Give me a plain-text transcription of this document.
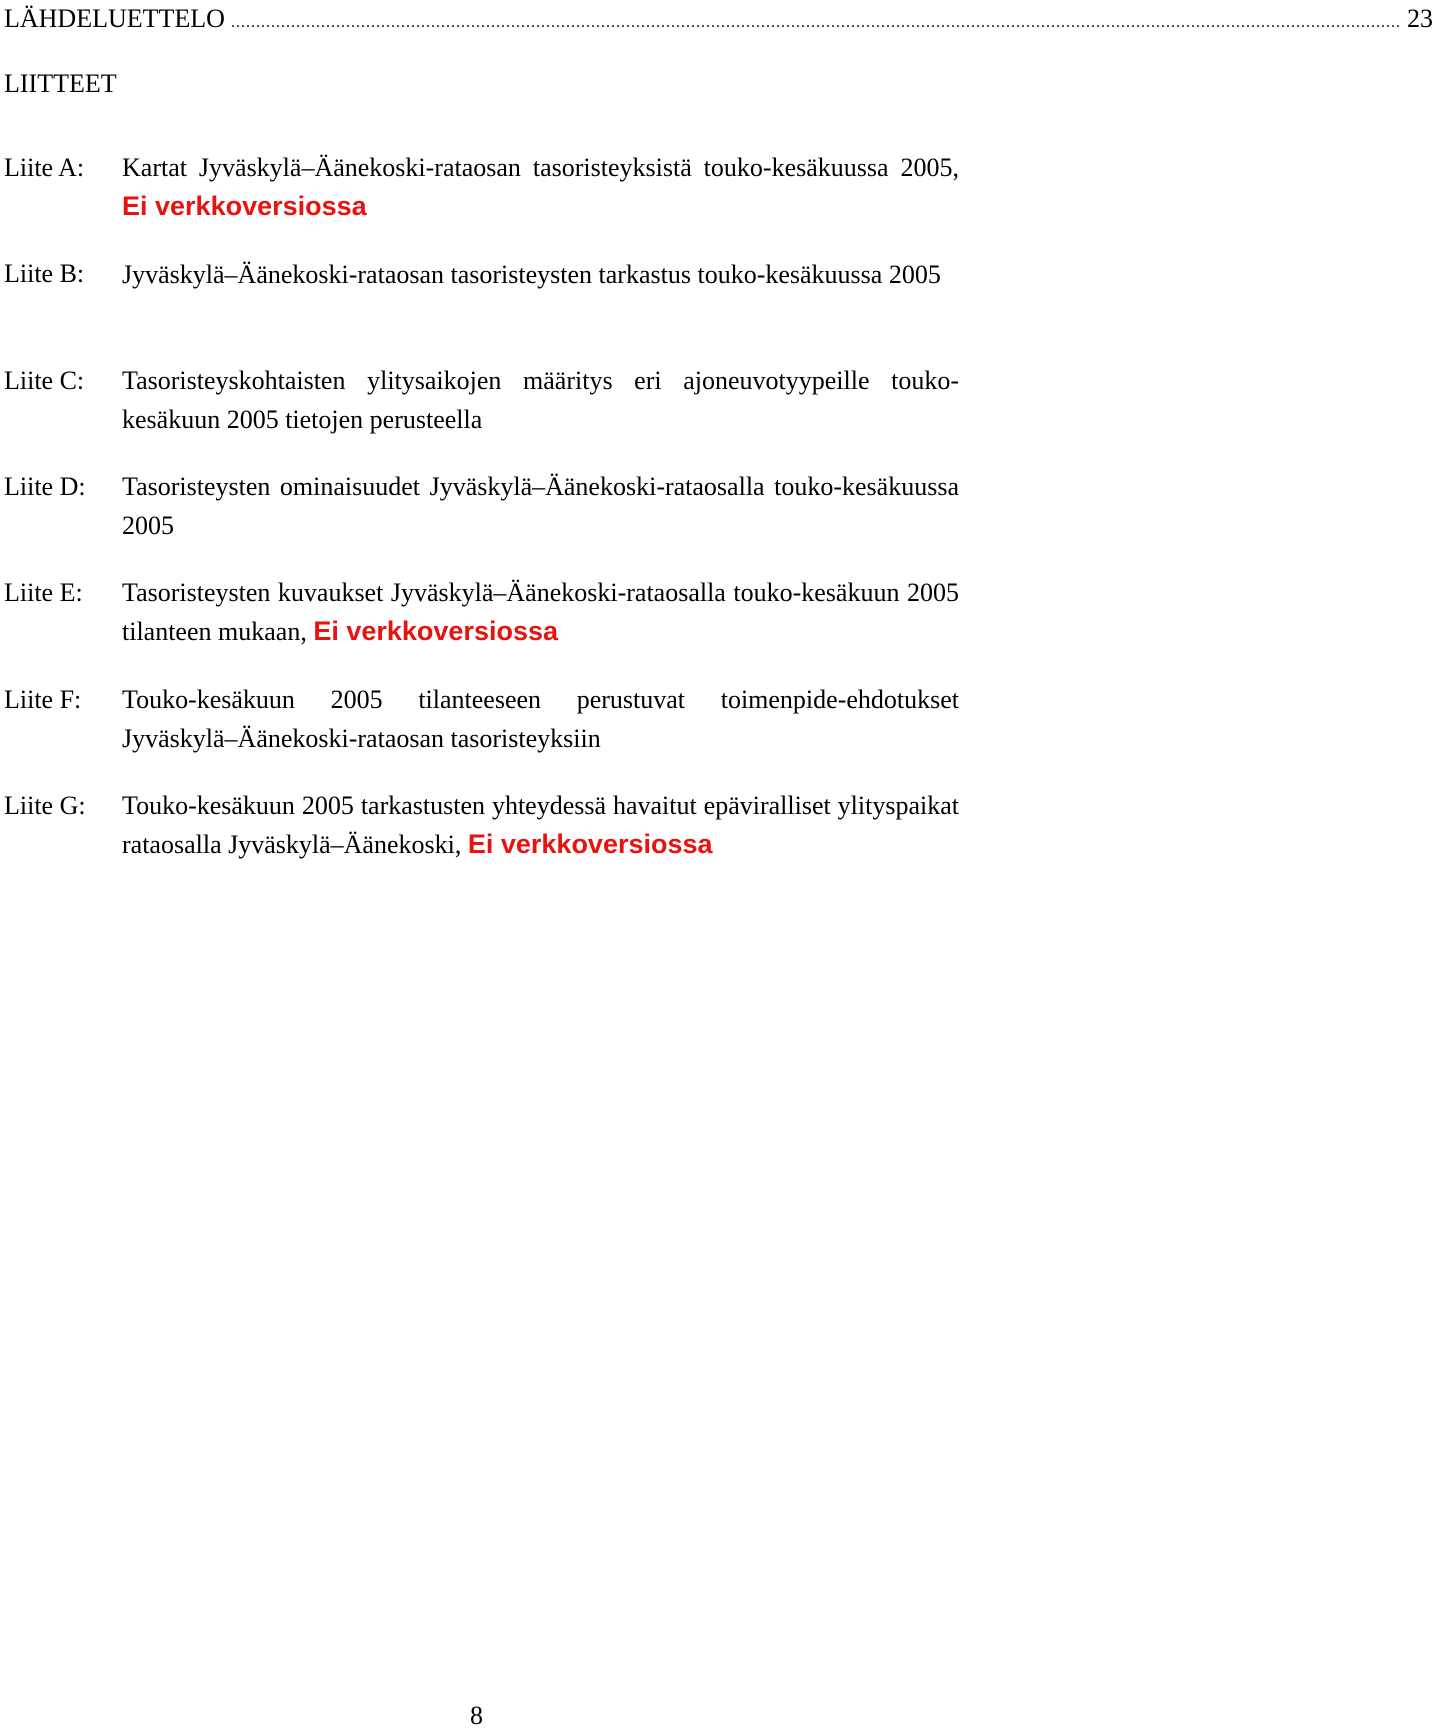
LÄHDELUETTELO .......................................................................................................................................................................................................................................... 23
LIITTEET
Liite A:	Kartat Jyväskylä–Äänekoski-rataosan tasoristeyksistä touko-kesäkuussa 2005, Ei verkkoversiossa
Liite B:	Jyväskylä–Äänekoski-rataosan tasoristeysten tarkastus touko-kesäkuussa 2005
Liite C:	Tasoristeyskohtaisten ylitysaikojen määritys eri ajoneuvotyypeille touko-kesäkuun 2005 tietojen perusteella
Liite D:	Tasoristeysten ominaisuudet Jyväskylä–Äänekoski-rataosalla touko-kesäkuussa 2005
Liite E:	Tasoristeysten kuvaukset Jyväskylä–Äänekoski-rataosalla touko-kesäkuun 2005 tilanteen mukaan, Ei verkkoversiossa
Liite F:	Touko-kesäkuun 2005 tilanteeseen perustuvat toimenpide-ehdotukset Jyväskylä–Äänekoski-rataosan tasoristeyksiin
Liite G:	Touko-kesäkuun 2005 tarkastusten yhteydessä havaitut epäviralliset ylityspaikat rataosalla Jyväskylä–Äänekoski, Ei verkkoversiossa
8
